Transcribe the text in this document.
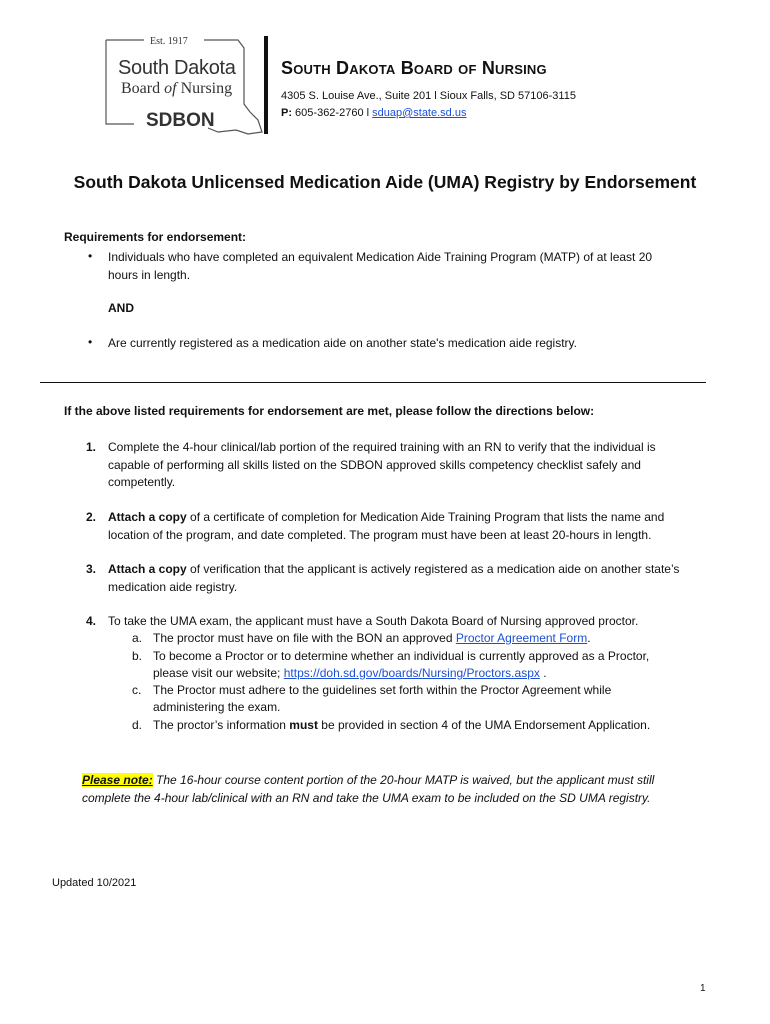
Est. 1917
South Dakota
Board of Nursing
SDBON
South Dakota Board of Nursing
4305 S. Louise Ave., Suite 201 l Sioux Falls, SD 57106-3115
P: 605-362-2760 l sduap@state.sd.us
South Dakota Unlicensed Medication Aide (UMA) Registry by Endorsement
Requirements for endorsement:
• Individuals who have completed an equivalent Medication Aide Training Program (MATP) of at least 20
hours in length.
AND
• Are currently registered as a medication aide on another state's medication aide registry.
If the above listed requirements for endorsement are met, please follow the directions below:
1. Complete the 4-hour clinical/lab portion of the required training with an RN to verify that the individual is
capable of performing all skills listed on the SDBON approved skills competency checklist safely and
competently.
2. Attach a copy of a certificate of completion for Medication Aide Training Program that lists the name and
location of the program, and date completed. The program must have been at least 20-hours in length.
3. Attach a copy of verification that the applicant is actively registered as a medication aide on another state’s
medication aide registry.
4. To take the UMA exam, the applicant must have a South Dakota Board of Nursing approved proctor.
a. The proctor must have on file with the BON an approved Proctor Agreement Form.
b. To become a Proctor or to determine whether an individual is currently approved as a Proctor,
please visit our website; https://doh.sd.gov/boards/Nursing/Proctors.aspx .
c. The Proctor must adhere to the guidelines set forth within the Proctor Agreement while
administering the exam.
d. The proctor’s information must be provided in section 4 of the UMA Endorsement Application.
Please note: The 16-hour course content portion of the 20-hour MATP is waived, but the applicant must still
complete the 4-hour lab/clinical with an RN and take the UMA exam to be included on the SD UMA registry.
Updated 10/2021
1
